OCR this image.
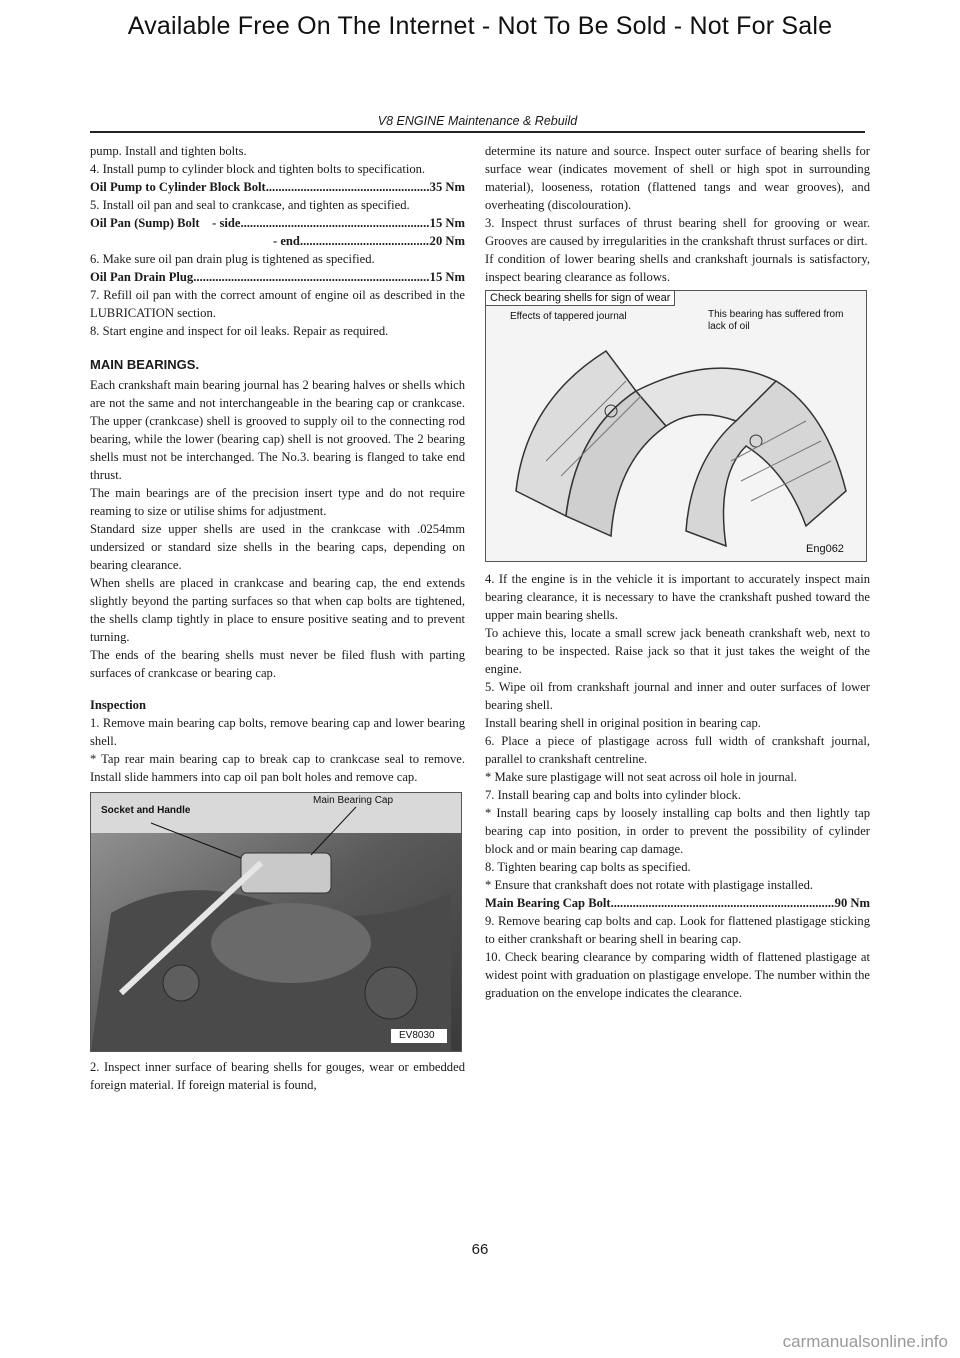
Available Free On The Internet - Not To Be Sold - Not For Sale
V8 ENGINE Maintenance & Rebuild

pump. Install and tighten bolts.

4. Install pump to cylinder block and tighten bolts to specification.

Oil Pump to Cylinder Block Bolt .....	35 Nm

5. Install oil pan and seal to crankcase, and tighten as specified.

Oil Pan (Sump) Bolt    - side .....	15 Nm
- end .....	20 Nm

6. Make sure oil pan drain plug is tightened as specified.

Oil Pan Drain Plug .....	15 Nm

7. Refill oil pan with the correct amount of engine oil as described in the LUBRICATION section.

8. Start engine and inspect for oil leaks. Repair as required.

MAIN BEARINGS.

Each crankshaft main bearing journal has 2 bearing halves or shells which are not the same and not interchangeable in the bearing cap or crankcase. The upper (crankcase) shell is grooved to supply oil to the connecting rod bearing, while the lower (bearing cap) shell is not grooved. The 2 bearing shells must not be interchanged. The No.3. bearing is flanged to take end thrust.

The main bearings are of the precision insert type and do not require reaming to size or utilise shims for adjustment.

Standard size upper shells are used in the crankcase with .0254mm undersized or standard size shells in the bearing caps, depending on bearing clearance.

When shells are placed in crankcase and bearing cap, the end extends slightly beyond the parting surfaces so that when cap bolts are tightened, the shells clamp tightly in place to ensure positive seating and to prevent turning.

The ends of the bearing shells must never be filed flush with parting surfaces of crankcase or bearing cap.

Inspection

1. Remove main bearing cap bolts, remove bearing cap and lower bearing shell.

* Tap rear main bearing cap to break cap to crankcase seal to remove. Install slide hammers into cap oil pan bolt holes and remove cap.

Socket and Handle
Main Bearing Cap
EV8030

2. Inspect inner surface of bearing shells for gouges, wear or embedded foreign material. If foreign material is found,

determine its nature and source. Inspect outer surface of bearing shells for surface wear (indicates movement of shell or high spot in surrounding material), looseness, rotation (flattened tangs and wear grooves), and overheating (discolouration).

3. Inspect thrust surfaces of thrust bearing shell for grooving or wear. Grooves are caused by irregularities in the crankshaft thrust surfaces or dirt.

If condition of lower bearing shells and crankshaft journals is satisfactory, inspect bearing clearance as follows.

Check bearing shells for sign of wear
Effects of tappered journal	This bearing has suffered from lack of oil
Eng062

4. If the engine is in the vehicle it is important to accurately inspect main bearing clearance, it is necessary to have the crankshaft pushed toward the upper main bearing shells.

To achieve this, locate a small screw jack beneath crankshaft web, next to bearing to be inspected. Raise jack so that it just takes the weight of the engine.

5. Wipe oil from crankshaft journal and inner and outer surfaces of lower bearing shell.

Install bearing shell in original position in bearing cap.

6. Place a piece of plastigage across full width of crankshaft journal, parallel to crankshaft centreline.

* Make sure plastigage will not seat across oil hole in journal.

7. Install bearing cap and bolts into cylinder block.

* Install bearing caps by loosely installing cap bolts and then lightly tap bearing cap into position, in order to prevent the possibility of cylinder block and or main bearing cap damage.

8. Tighten bearing cap bolts as specified.

* Ensure that crankshaft does not rotate with plastigage installed.

Main Bearing Cap Bolt .....	90 Nm

9. Remove bearing cap bolts and cap. Look for flattened plastigage sticking to either crankshaft or bearing shell in bearing cap.

10. Check bearing clearance by comparing width of flattened plastigage at widest point with graduation on plastigage envelope. The number within the graduation on the envelope indicates the clearance.

66
carmanualsonline.info
